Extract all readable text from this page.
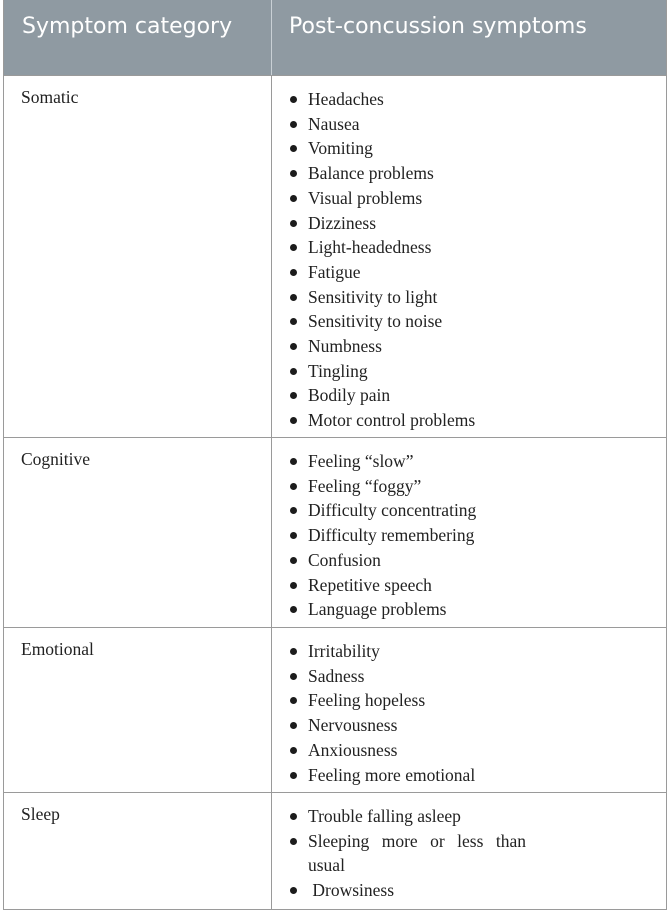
Symptom category	Post-concussion symptoms
Somatic	Headaches
Nausea
Vomiting
Balance problems
Visual problems
Dizziness
Light-headedness
Fatigue
Sensitivity to light
Sensitivity to noise
Numbness
Tingling
Bodily pain
Motor control problems
Cognitive	Feeling “slow”
Feeling “foggy”
Difficulty concentrating
Difficulty remembering
Confusion
Repetitive speech
Language problems
Emotional	Irritability
Sadness
Feeling hopeless
Nervousness
Anxiousness
Feeling more emotional
Sleep	Trouble falling asleep
Sleeping more or less than usual
Drowsiness
